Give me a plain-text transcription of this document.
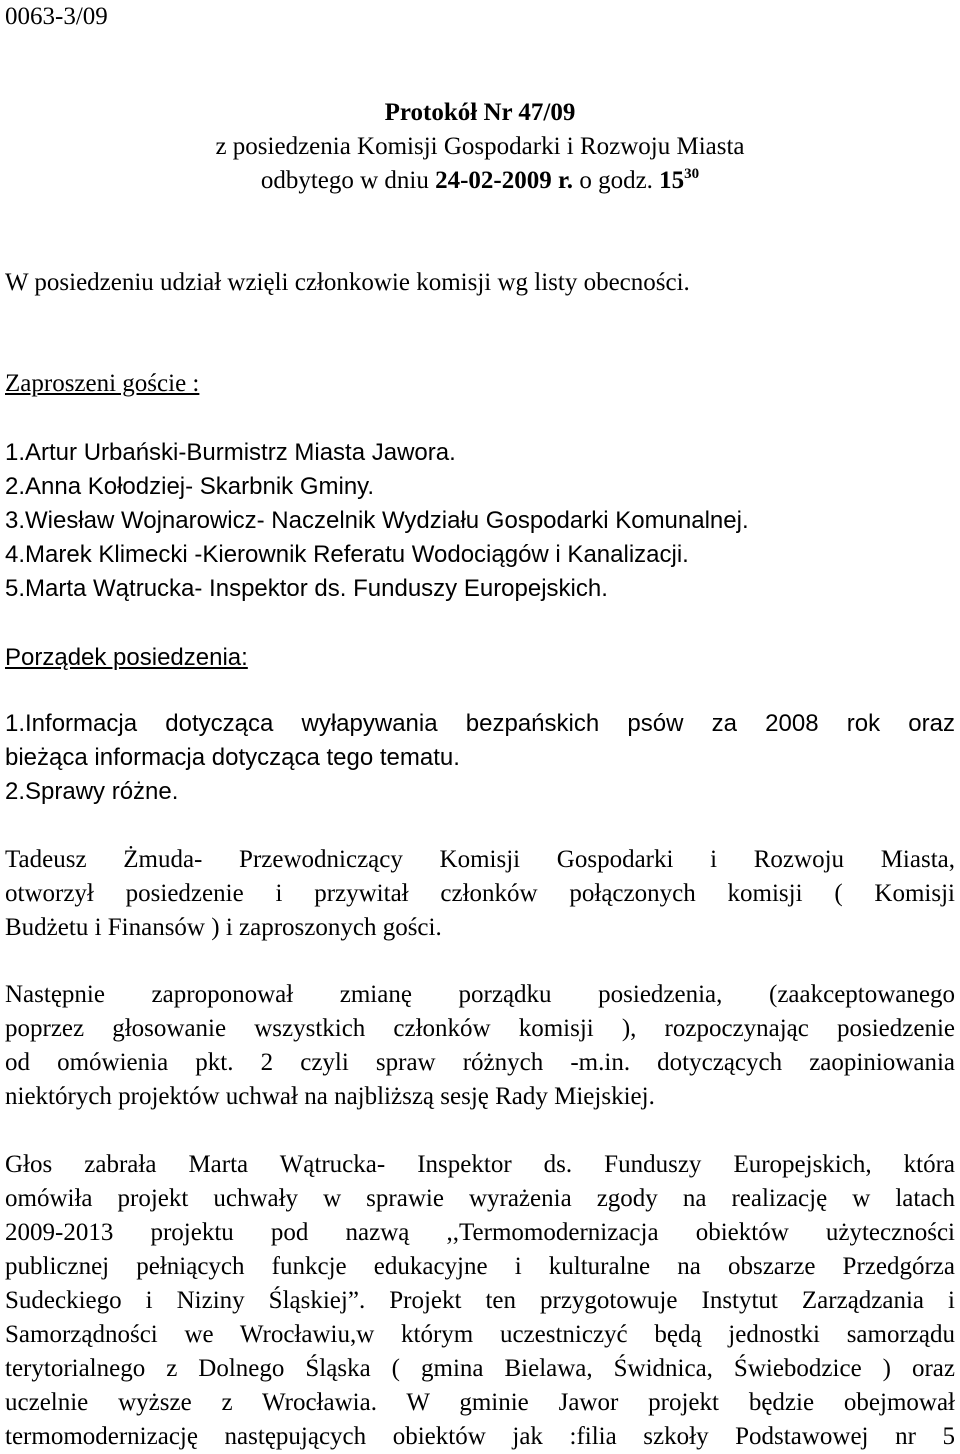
0063-3/09
Protokół Nr 47/09
z posiedzenia Komisji Gospodarki i Rozwoju Miasta
odbytego w dniu 24-02-2009 r. o godz. $15^{30}$
W posiedzeniu udział wzięli członkowie komisji wg listy obecności.
Zaproszeni goście :
1.Artur Urbański-Burmistrz Miasta Jawora.
2.Anna Kołodziej- Skarbnik Gminy.
3.Wiesław Wojnarowicz- Naczelnik Wydziału Gospodarki Komunalnej.
4.Marek Klimecki -Kierownik Referatu Wodociągów i Kanalizacji.
5.Marta Wątrucka- Inspektor ds. Funduszy Europejskich.
Porządek posiedzenia:
1.Informacja dotycząca wyłapywania bezpańskich psów za 2008 rok oraz
bieżąca informacja dotycząca tego tematu.
2.Sprawy różne.
Tadeusz Żmuda- Przewodniczący Komisji Gospodarki i Rozwoju Miasta,
otworzył posiedzenie i przywitał członków połączonych komisji ( Komisji
Budżetu i Finansów ) i zaproszonych gości.
Następnie zaproponował zmianę porządku posiedzenia, (zaakceptowanego
poprzez głosowanie wszystkich członków komisji ), rozpoczynając posiedzenie
od omówienia pkt. 2 czyli spraw różnych -m.in. dotyczących zaopiniowania
niektórych projektów uchwał na najbliższą sesję Rady Miejskiej.
Głos zabrała Marta Wątrucka- Inspektor ds. Funduszy Europejskich, która
omówiła projekt uchwały w sprawie wyrażenia zgody na realizację w latach
2009-2013 projektu pod nazwą ,,Termomodernizacja obiektów użyteczności
publicznej pełniących funkcje edukacyjne i kulturalne na obszarze Przedgórza
Sudeckiego i Niziny Śląskiej”. Projekt ten przygotowuje Instytut Zarządzania i
Samorządności we Wrocławiu,w którym uczestniczyć będą jednostki samorządu
terytorialnego z Dolnego Śląska ( gmina Bielawa, Świdnica, Świebodzice ) oraz
uczelnie wyższe z Wrocławia. W gminie Jawor projekt będzie obejmował
termomodernizację następujących obiektów jak :filia szkoły Podstawowej nr 5
